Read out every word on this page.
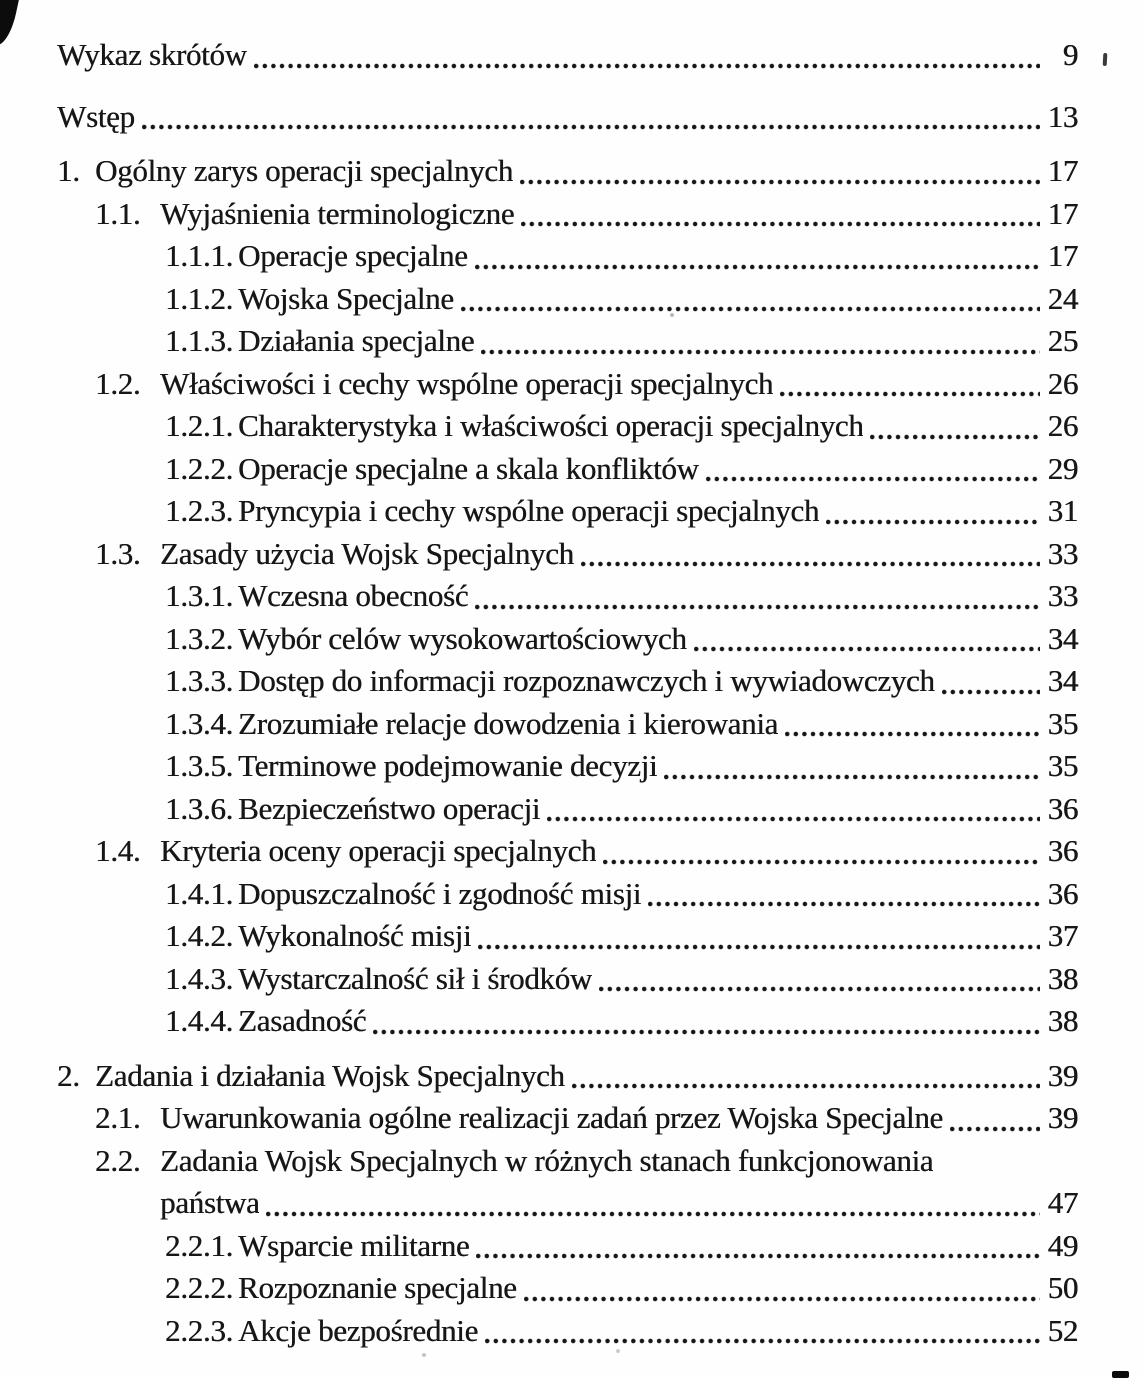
Wykaz skrótów	9
Wstęp	13
1. Ogólny zarys operacji specjalnych	17
1.1. Wyjaśnienia terminologiczne	17
1.1.1. Operacje specjalne	17
1.1.2. Wojska Specjalne	24
1.1.3. Działania specjalne	25
1.2. Właściwości i cechy wspólne operacji specjalnych	26
1.2.1. Charakterystyka i właściwości operacji specjalnych	26
1.2.2. Operacje specjalne a skala konfliktów	29
1.2.3. Pryncypia i cechy wspólne operacji specjalnych	31
1.3. Zasady użycia Wojsk Specjalnych	33
1.3.1. Wczesna obecność	33
1.3.2. Wybór celów wysokowartościowych	34
1.3.3. Dostęp do informacji rozpoznawczych i wywiadowczych	34
1.3.4. Zrozumiałe relacje dowodzenia i kierowania	35
1.3.5. Terminowe podejmowanie decyzji	35
1.3.6. Bezpieczeństwo operacji	36
1.4. Kryteria oceny operacji specjalnych	36
1.4.1. Dopuszczalność i zgodność misji	36
1.4.2. Wykonalność misji	37
1.4.3. Wystarczalność sił i środków	38
1.4.4. Zasadność	38
2. Zadania i działania Wojsk Specjalnych	39
2.1. Uwarunkowania ogólne realizacji zadań przez Wojska Specjalne	39
2.2. Zadania Wojsk Specjalnych w różnych stanach funkcjonowania
państwa	47
2.2.1. Wsparcie militarne	49
2.2.2. Rozpoznanie specjalne	50
2.2.3. Akcje bezpośrednie	52
